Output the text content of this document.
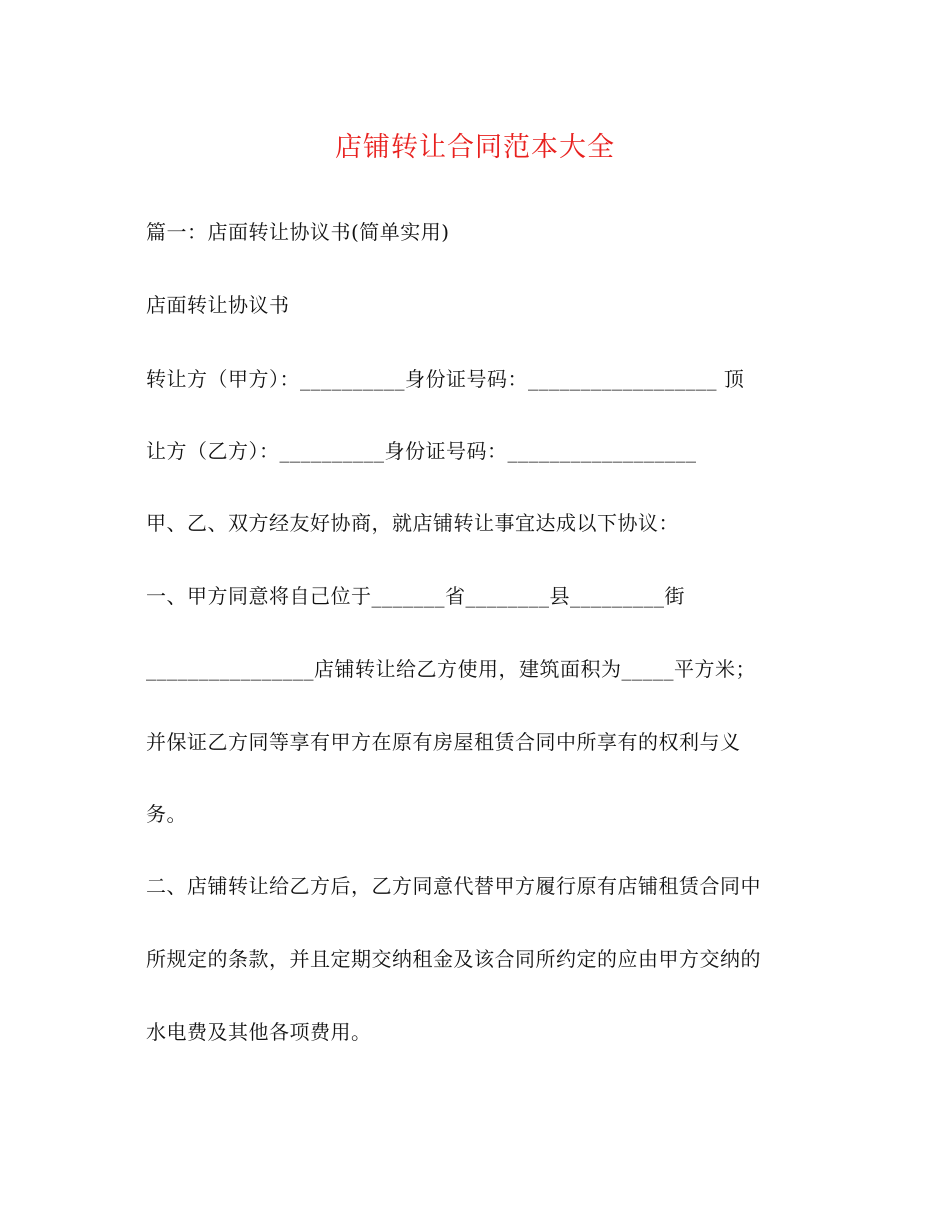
店铺转让合同范本大全
篇一：店面转让协议书(简单实用)
店面转让协议书
转让方（甲方）：__________身份证号码：__________________ 顶
让方（乙方）：__________身份证号码：__________________
甲、乙、双方经友好协商，就店铺转让事宜达成以下协议：
一、甲方同意将自己位于_______省________县_________街
________________店铺转让给乙方使用，建筑面积为_____平方米；
并保证乙方同等享有甲方在原有房屋租赁合同中所享有的权利与义
务。
二、店铺转让给乙方后，乙方同意代替甲方履行原有店铺租赁合同中
所规定的条款，并且定期交纳租金及该合同所约定的应由甲方交纳的
水电费及其他各项费用。
